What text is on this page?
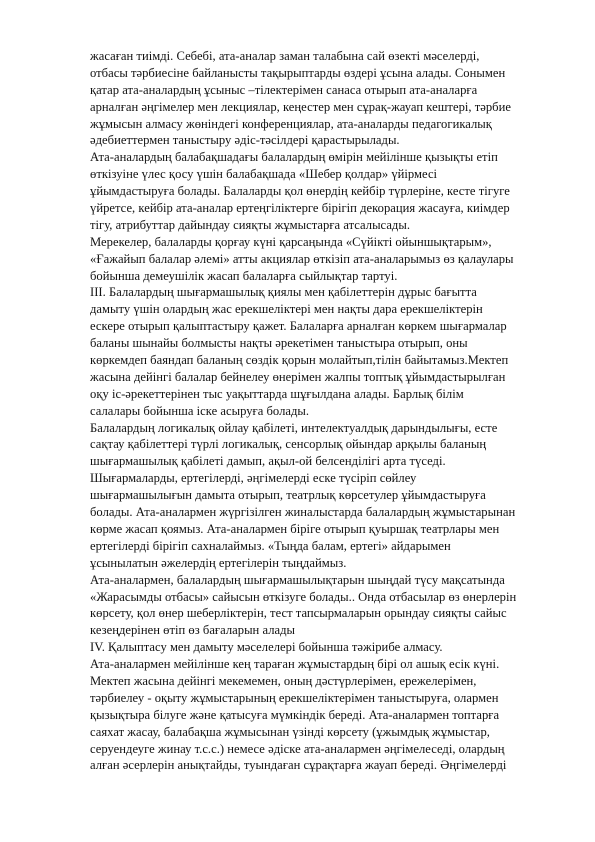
жасаған тиімді. Себебі, ата-аналар заман талабына сай өзекті мәселерді,
отбасы тәрбиесіне байланысты тақырыптарды өздері ұсына алады. Сонымен
қатар ата-аналардың ұсыныс –тілектерімен санаса отырып ата-аналарға
арналған әңгімелер мен лекциялар, кеңестер мен сұрақ-жауап кештері, тәрбие
жұмысын алмасу жөніндегі конференциялар, ата-аналарды педагогикалық
әдебиеттермен таныстыру әдіс-тәсілдері қарастырылады.
Ата-аналардың балабақшадағы балалардың өмірін мейілінше қызықты етіп
өткізуіне үлес қосу үшін балабақшада «Шебер қолдар» үйірмесі
ұйымдастыруға болады. Балаларды қол өнердің кейбір түрлеріне, кесте тігуге
үйретсе, кейбір ата-аналар ертеңгіліктерге бірігіп декорация жасауға, киімдер
тігу, атрибуттар дайындау сияқты жұмыстарға атсалысады.
Мерекелер, балаларды қорғау күні қарсаңында «Сүйікті ойыншықтарым»,
«Ғажайып балалар әлемі» атты акциялар өткізіп ата-аналарымыз өз қалаулары
бойынша демеушілік жасап балаларға сыйлықтар тартуі.
ІІІ. Балалардың шығармашылық қиялы мен қабілеттерін дұрыс бағытта
дамыту үшін олардың жас ерекшеліктері мен нақты дара ерекшеліктерін
ескере отырып қалыптастыру қажет. Балаларға арналған көркем шығармалар
баланы шынайы болмысты нақты әрекетімен таныстыра отырып, оны
көркемдеп баяндап баланың сөздік қорын молайтып,тілін байытамыз.Мектеп
жасына дейінгі балалар бейнелеу өнерімен жалпы топтық ұйымдастырылған
оқу іс-әрекеттерінен тыс уақыттарда шұғылдана алады. Барлық білім
салалары бойынша іске асыруға болады.
Балалардың логикалық ойлау қабілеті, интелектуалдық дарындылығы, есте
сақтау қабілеттері түрлі логикалық, сенсорлық ойындар арқылы баланың
шығармашылық қабілеті дамып, ақыл-ой белсенділігі арта түседі.
Шығармаларды, ертегілерді, әңгімелерді еске түсіріп сөйлеу
шығармашылығын дамыта отырып, театрлық көрсетулер ұйымдастыруға
болады. Ата-аналармен жүргізілген жиналыстарда балалардың жұмыстарынан
көрме жасап қоямыз. Ата-аналармен біріге отырып қуыршақ театрлары мен
ертегілерді бірігіп сахналаймыз. «Тыңда балам, ертегі» айдарымен
ұсынылатын әжелердің ертегілерін тыңдаймыз.
Ата-аналармен, балалардың шығармашылықтарын шыңдай түсу мақсатында
«Жарасымды отбасы» сайысын өткізуге болады.. Онда отбасылар өз өнерлерін
көрсету, қол өнер шеберліктерін, тест тапсырмаларын орындау сияқты сайыс
кезеңдерінен өтіп өз бағаларын алады
IV. Қалыптасу мен дамыту мәселелері бойынша тәжірибе алмасу.
Ата-аналармен мейілінше кең тараған жұмыстардың бірі ол ашық есік күні.
Мектеп жасына дейінгі мекемемен, оның дәстүрлерімен, ережелерімен,
тәрбиелеу - оқыту жұмыстарының ерекшеліктерімен таныстыруға, олармен
қызықтыра білуге және қатысуға мүмкіндік береді. Ата-аналармен топтарға
саяхат жасау, балабақша жұмысынан үзінді көрсету (ұжымдық жұмыстар,
серуендеуге жинау т.с.с.) немесе әдіске ата-аналармен әңгімелеседі, олардың
алған әсерлерін анықтайды, туындаған сұрақтарға жауап береді. Әңгімелерді
